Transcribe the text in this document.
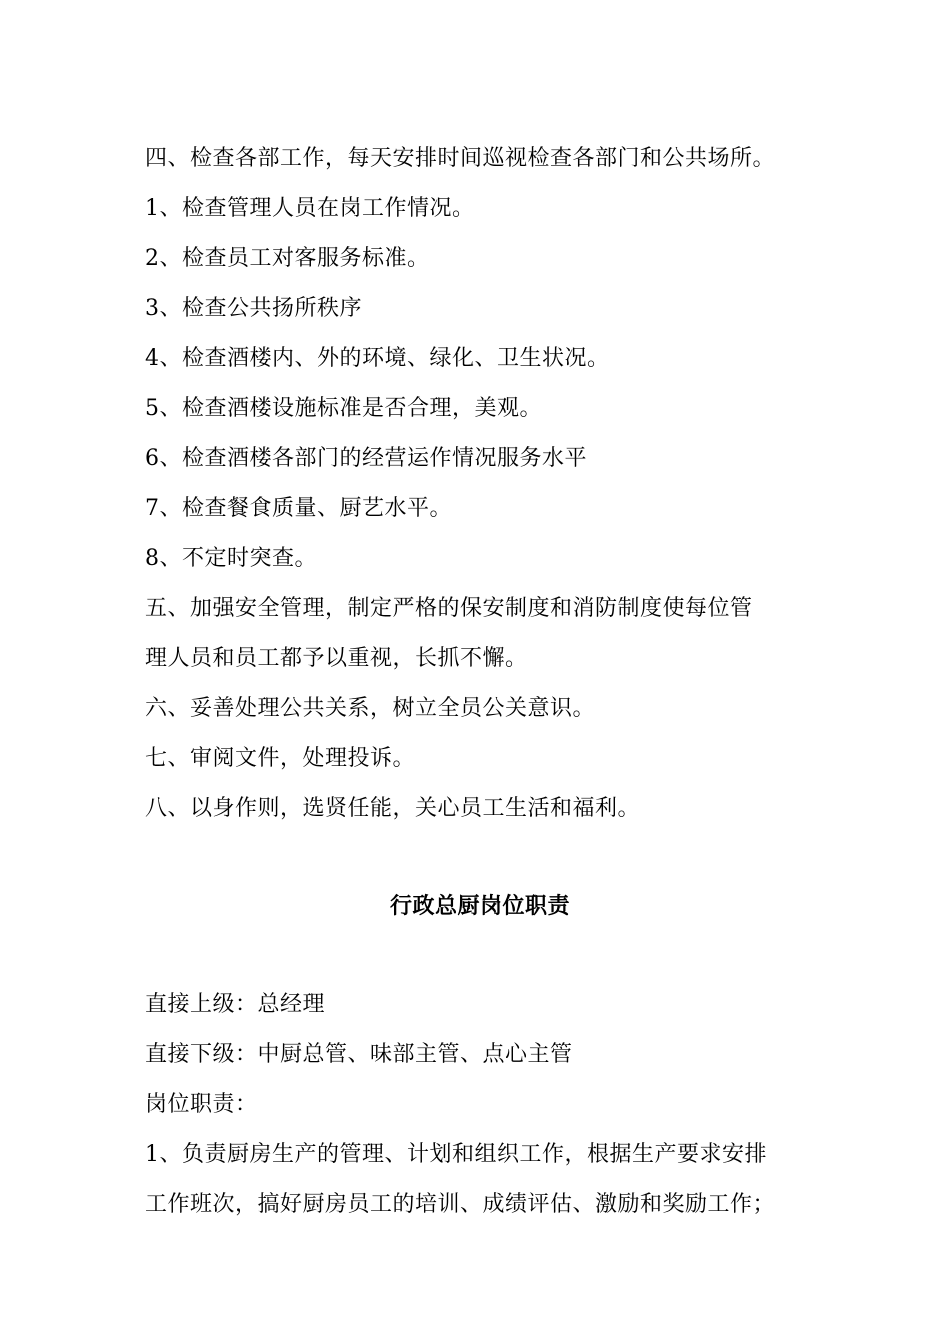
四、检查各部工作，每天安排时间巡视检查各部门和公共场所。
1、检查管理人员在岗工作情况。
2、检查员工对客服务标准。
3、检查公共扬所秩序
4、检查酒楼内、外的环境、绿化、卫生状况。
5、检查酒楼设施标准是否合理，美观。
6、检查酒楼各部门的经营运作情况服务水平
7、检查餐食质量、厨艺水平。
8、不定时突查。
五、加强安全管理，制定严格的保安制度和消防制度使每位管
理人员和员工都予以重视，长抓不懈。
六、妥善处理公共关系，树立全员公关意识。
七、审阅文件，处理投诉。
八、以身作则，选贤任能，关心员工生活和福利。
行政总厨岗位职责
直接上级：总经理
直接下级：中厨总管、味部主管、点心主管
岗位职责：
1、负责厨房生产的管理、计划和组织工作，根据生产要求安排
工作班次，搞好厨房员工的培训、成绩评估、激励和奖励工作；
